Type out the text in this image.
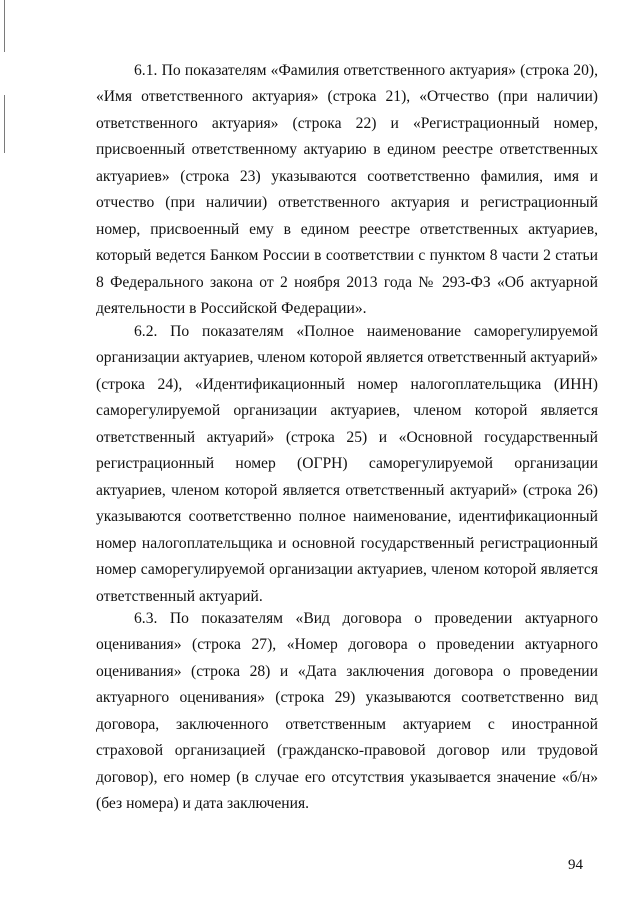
6.1. По показателям «Фамилия ответственного актуария» (строка 20), «Имя ответственного актуария» (строка 21), «Отчество (при наличии) ответственного актуария» (строка 22) и «Регистрационный номер, присвоенный ответственному актуарию в едином реестре ответственных актуариев» (строка 23) указываются соответственно фамилия, имя и отчество (при наличии) ответственного актуария и регистрационный номер, присвоенный ему в едином реестре ответственных актуариев, который ведется Банком России в соответствии с пунктом 8 части 2 статьи 8 Федерального закона от 2 ноября 2013 года № 293-ФЗ «Об актуарной деятельности в Российской Федерации».

6.2. По показателям «Полное наименование саморегулируемой организации актуариев, членом которой является ответственный актуарий» (строка 24), «Идентификационный номер налогоплательщика (ИНН) саморегулируемой организации актуариев, членом которой является ответственный актуарий» (строка 25) и «Основной государственный регистрационный номер (ОГРН) саморегулируемой организации актуариев, членом которой является ответственный актуарий» (строка 26) указываются соответственно полное наименование, идентификационный номер налогоплательщика и основной государственный регистрационный номер саморегулируемой организации актуариев, членом которой является ответственный актуарий.

6.3. По показателям «Вид договора о проведении актуарного оценивания» (строка 27), «Номер договора о проведении актуарного оценивания» (строка 28) и «Дата заключения договора о проведении актуарного оценивания» (строка 29) указываются соответственно вид договора, заключенного ответственным актуарием с иностранной страховой организацией (гражданско-правовой договор или трудовой договор), его номер (в случае его отсутствия указывается значение «б/н» (без номера) и дата заключения.

94
